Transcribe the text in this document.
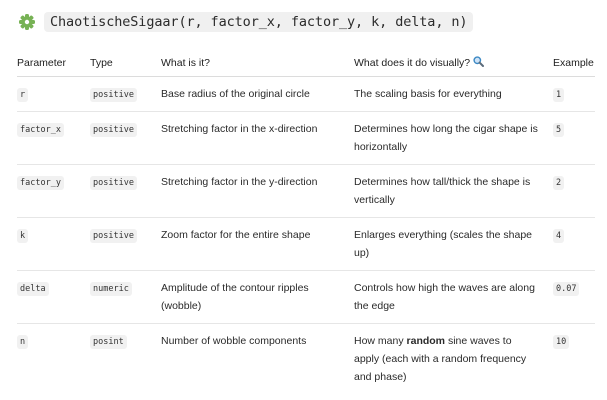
ChaotischeSigaar(r, factor_x, factor_y, k, delta, n)
Parameter	Type	What is it?	What does it do visually?	Example
r	positive	Base radius of the original circle	The scaling basis for everything	1
factor_x	positive	Stretching factor in the x-direction	Determines how long the cigar shape is horizontally	5
factor_y	positive	Stretching factor in the y-direction	Determines how tall/thick the shape is vertically	2
k	positive	Zoom factor for the entire shape	Enlarges everything (scales the shape up)	4
delta	numeric	Amplitude of the contour ripples (wobble)	Controls how high the waves are along the edge	0.07
n	posint	Number of wobble components	How many random sine waves to apply (each with a random frequency and phase)	10
